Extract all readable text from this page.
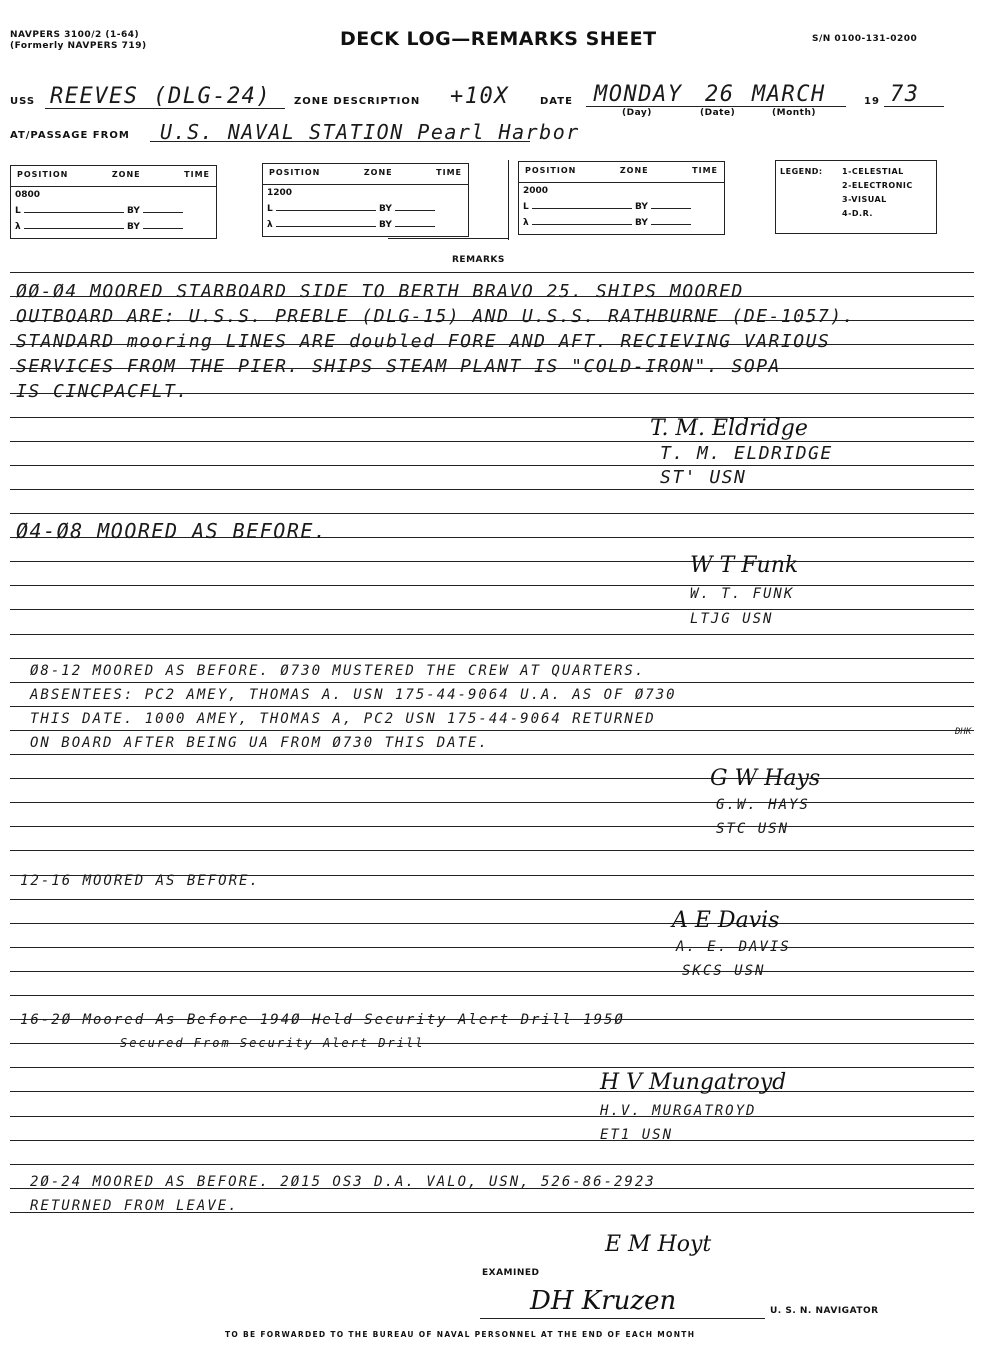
NAVPERS 3100/2 (1-64)
(Formerly NAVPERS 719)	DECK LOG—REMARKS SHEET	S/N 0100-131-0200
USS REEVES (DLG-24) ZONE DESCRIPTION +10X	DATE MONDAY 26 MARCH	19 73
(Day)	(Date)	(Month)
AT/PASSAGE FROM U.S. NAVAL STATION Pearl Harbor
POSITION	ZONE	TIME
0800
L	BY
λ	BY
POSITION	ZONE	TIME
1200
L	BY
λ	BY
POSITION	ZONE	TIME
2000
L	BY
λ	BY
LEGEND: 1-CELESTIAL
2-ELECTRONIC
3-VISUAL
4-D.R.
REMARKS
ØØ-Ø4 MOORED STARBOARD SIDE TO BERTH BRAVO 25. SHIPS MOORED
OUTBOARD ARE: U.S.S. PREBLE (DLG-15) AND U.S.S. RATHBURNE (DE-1057).
STANDARD mooring LINES ARE doubled FORE AND AFT. RECIEVING VARIOUS
SERVICES FROM THE PIER. SHIPS STEAM PLANT IS "COLD-IRON". SOPA
IS CINCPACFLT.
T. M. Eldridge
T. M. ELDRIDGE
ST' USN
Ø4-Ø8 MOORED AS BEFORE.
W T Funk
W. T. FUNK
LTJG USN
Ø8-12 MOORED AS BEFORE. Ø730 MUSTERED THE CREW AT QUARTERS.
ABSENTEES: PC2 AMEY, THOMAS A. USN 175-44-9064 U.A. AS OF Ø730
THIS DATE. 1000 AMEY, THOMAS A, PC2 USN 175-44-9064 RETURNED
ON BOARD AFTER BEING UA FROM Ø730 THIS DATE.
DHK
G W Hays
G.W. HAYS
STC USN
12-16 MOORED AS BEFORE.
A E Davis
A. E. DAVIS
SKCS USN
16-2Ø Moored As Before 194Ø Held Security Alert Drill 195Ø
Secured From Security Alert Drill
H V Mungatroyd
H.V. MURGATROYD
ET1 USN
2Ø-24 MOORED AS BEFORE. 2Ø15 OS3 D.A. VALO, USN, 526-86-2923
RETURNED FROM LEAVE.
E M Hoyt
EXAMINED
DH Kruzen	U. S. N. NAVIGATOR
TO BE FORWARDED TO THE BUREAU OF NAVAL PERSONNEL AT THE END OF EACH MONTH
